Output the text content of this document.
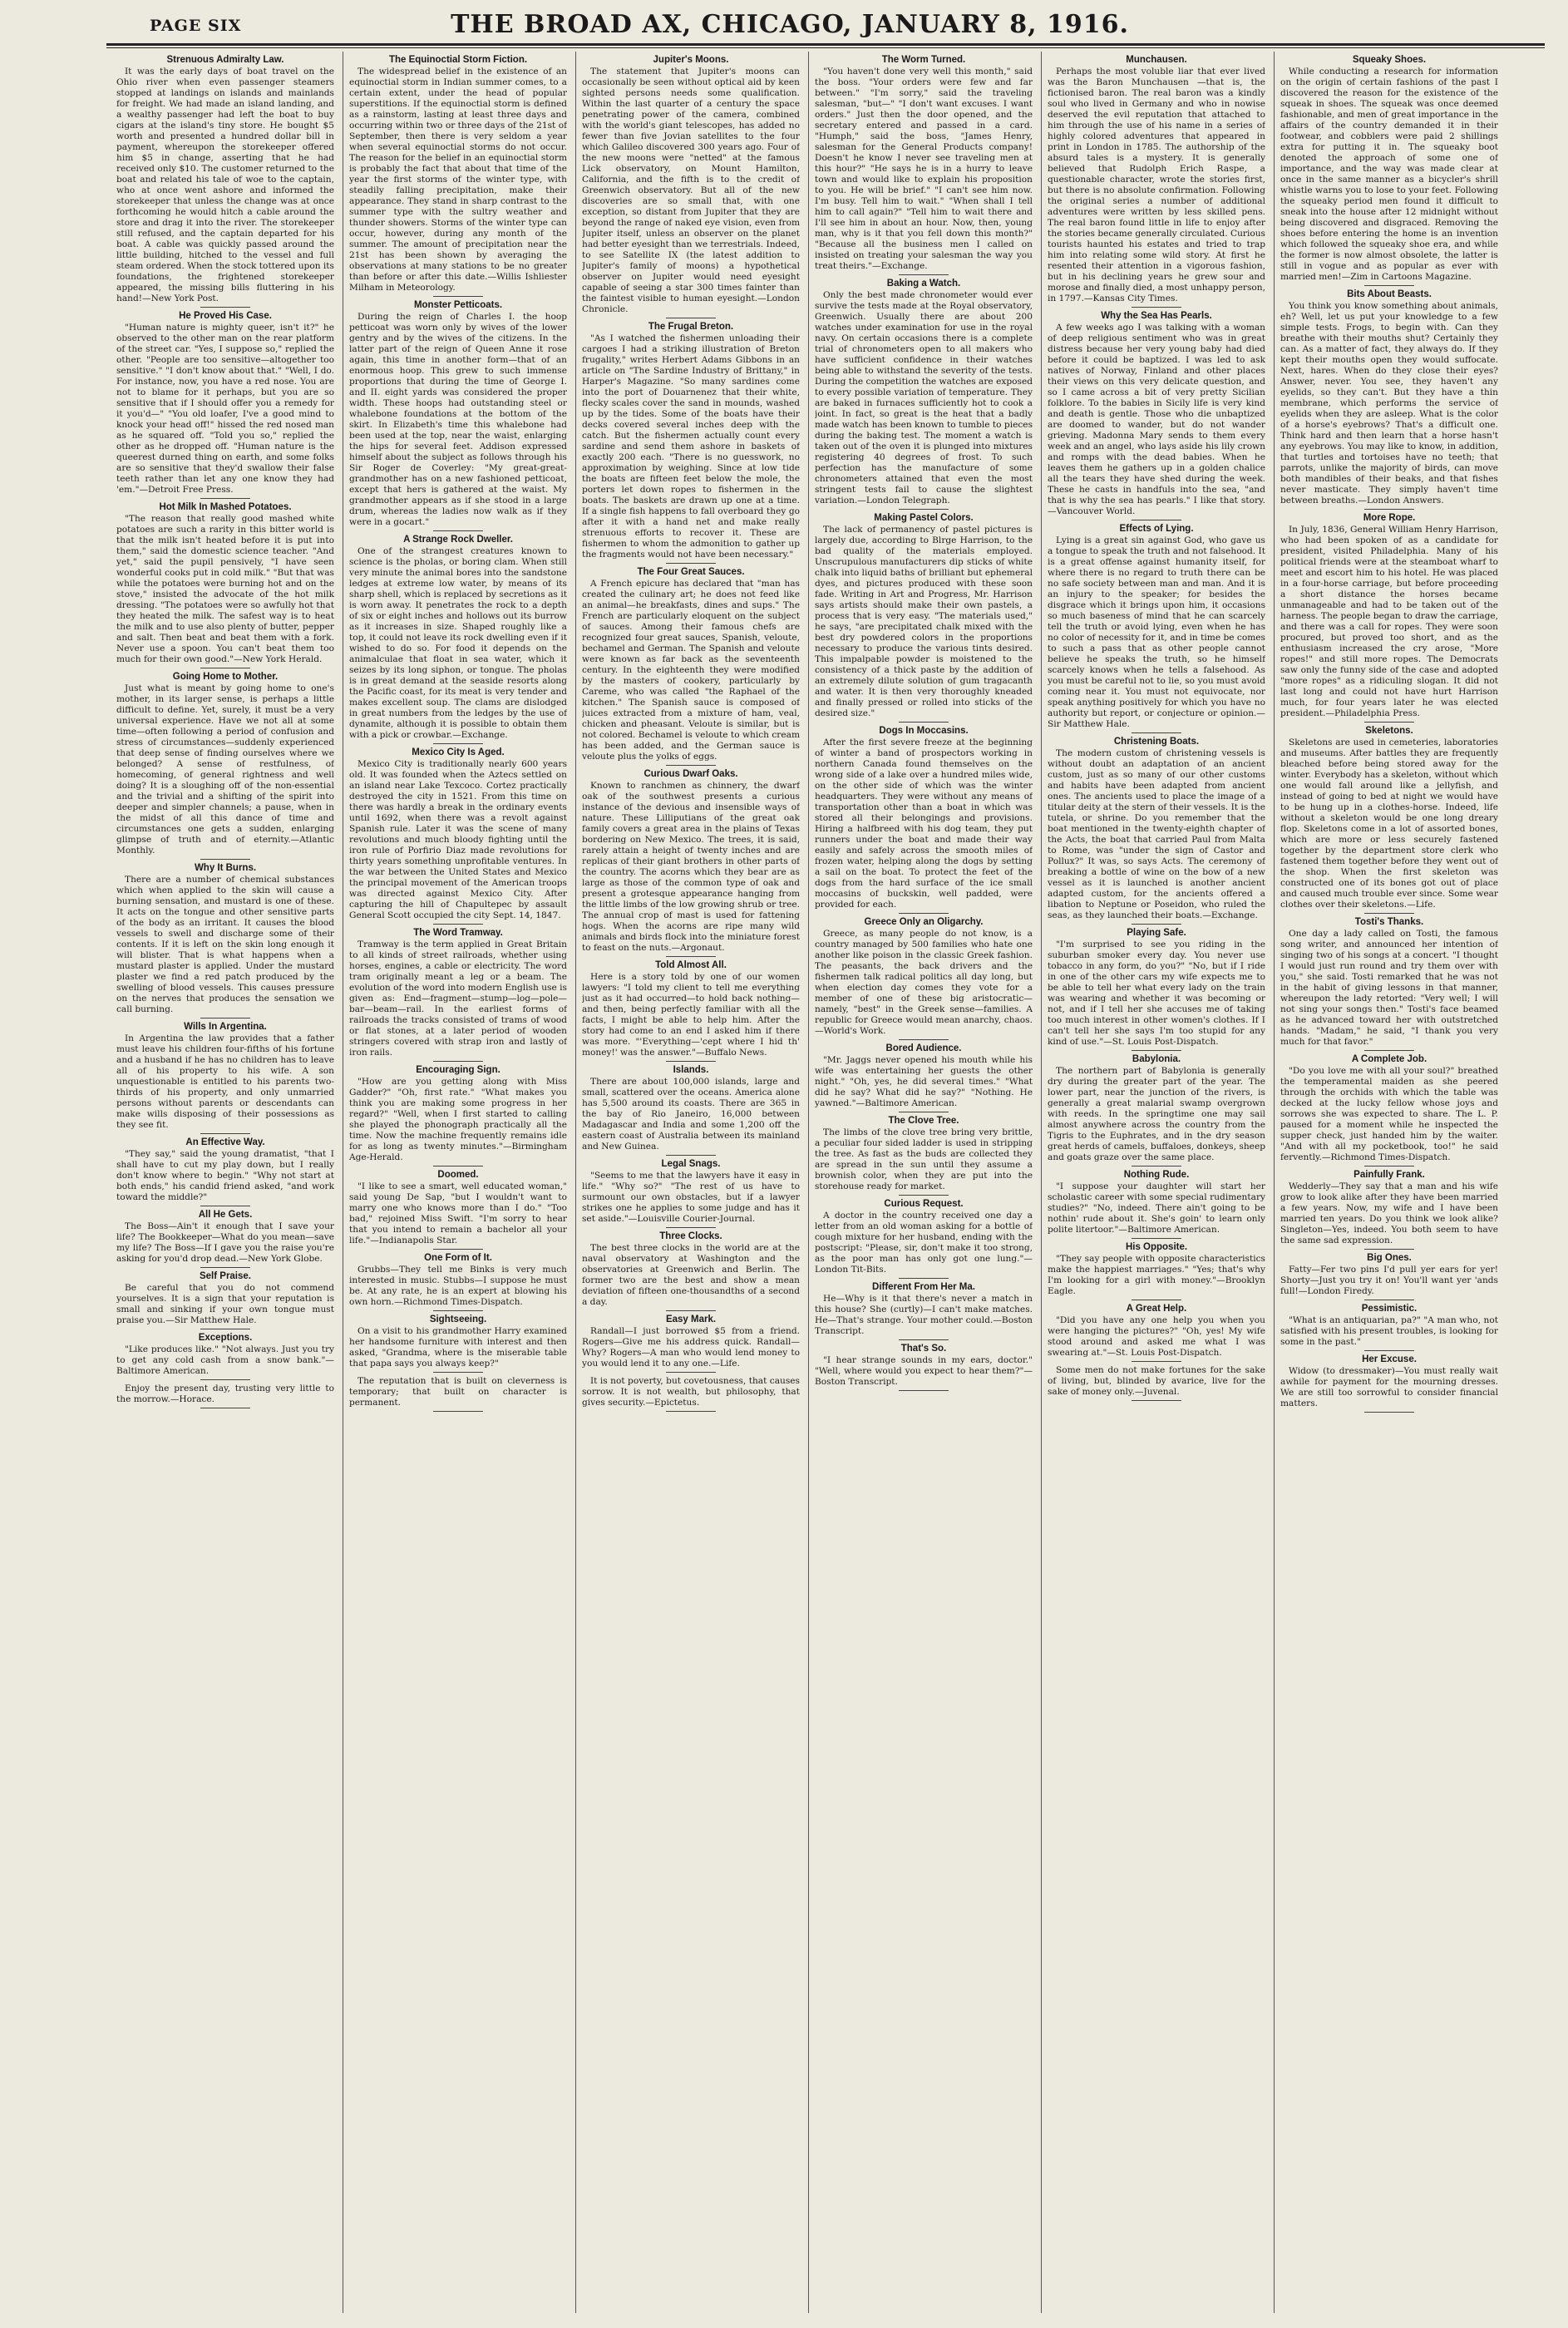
PAGE SIX	THE BROAD AX, CHICAGO, JANUARY 8, 1916.
Strenuous Admiralty Law.

It was the early days of boat travel on the Ohio river when even passenger steamers stopped at landings on islands and mainlands for freight. We had made an island landing, and a wealthy passenger had left the boat to buy cigars at the island's tiny store. He bought $5 worth and presented a hundred dollar bill in payment, whereupon the storekeeper offered him $5 in change, asserting that he had received only $10. The customer returned to the boat and related his tale of woe to the captain, who at once went ashore and informed the storekeeper that unless the change was at once forthcoming he would hitch a cable around the store and drag it into the river. The storekeeper still refused, and the captain departed for his boat. A cable was quickly passed around the little building, hitched to the vessel and full steam ordered. When the stock tottered upon its foundations, the frightened storekeeper appeared, the missing bills fluttering in his hand!—New York Post.

He Proved His Case.

"Human nature is mighty queer, isn't it?" he observed to the other man on the rear platform of the street car. "Yes, I suppose so," replied the other. "People are too sensitive—altogether too sensitive." "I don't know about that." "Well, I do. For instance, now, you have a red nose. You are not to blame for it perhaps, but you are so sensitive that if I should offer you a remedy for it you'd—" "You old loafer, I've a good mind to knock your head off!" hissed the red nosed man as he squared off. "Told you so," replied the other as he dropped off. "Human nature is the queerest durned thing on earth, and some folks are so sensitive that they'd swallow their false teeth rather than let any one know they had 'em."—Detroit Free Press.

Hot Milk In Mashed Potatoes.

"The reason that really good mashed white potatoes are such a rarity in this bitter world is that the milk isn't heated before it is put into them," said the domestic science teacher. "And yet," said the pupil pensively, "I have seen wonderful cooks put in cold milk." "But that was while the potatoes were burning hot and on the stove," insisted the advocate of the hot milk dressing. "The potatoes were so awfully hot that they heated the milk. The safest way is to heat the milk and to use also plenty of butter, pepper and salt. Then beat and beat them with a fork. Never use a spoon. You can't beat them too much for their own good."—New York Herald.

Going Home to Mother.

Just what is meant by going home to one's mother, in its larger sense, is perhaps a little difficult to define. Yet, surely, it must be a very universal experience. Have we not all at some time—often following a period of confusion and stress of circumstances—suddenly experienced that deep sense of finding ourselves where we belonged? A sense of restfulness, of homecoming, of general rightness and well doing? It is a sloughing off of the non-essential and the trivial and a shifting of the spirit into deeper and simpler channels; a pause, when in the midst of all this dance of time and circumstances one gets a sudden, enlarging glimpse of truth and of eternity.—Atlantic Monthly.

Why It Burns.

There are a number of chemical substances which when applied to the skin will cause a burning sensation, and mustard is one of these. It acts on the tongue and other sensitive parts of the body as an irritant. It causes the blood vessels to swell and discharge some of their contents. If it is left on the skin long enough it will blister. That is what happens when a mustard plaster is applied. Under the mustard plaster we find a red patch produced by the swelling of blood vessels. This causes pressure on the nerves that produces the sensation we call burning.

Wills In Argentina.

In Argentina the law provides that a father must leave his children four-fifths of his fortune and a husband if he has no children has to leave all of his property to his wife. A son unquestionable is entitled to his parents two-thirds of his property, and only unmarried persons without parents or descendants can make wills disposing of their possessions as they see fit.

An Effective Way.

"They say," said the young dramatist, "that I shall have to cut my play down, but I really don't know where to begin." "Why not start at both ends," his candid friend asked, "and work toward the middle?"

All He Gets.

The Boss—Ain't it enough that I save your life? The Bookkeeper—What do you mean—save my life? The Boss—If I gave you the raise you're asking for you'd drop dead.—New York Globe.

Self Praise.

Be careful that you do not commend yourselves. It is a sign that your reputation is small and sinking if your own tongue must praise you.—Sir Matthew Hale.

Exceptions.

"Like produces like." "Not always. Just you try to get any cold cash from a snow bank."—Baltimore American.

Enjoy the present day, trusting very little to the morrow.—Horace.

The Equinoctial Storm Fiction.

The widespread belief in the existence of an equinoctial storm in Indian summer comes, to a certain extent, under the head of popular superstitions. If the equinoctial storm is defined as a rainstorm, lasting at least three days and occurring within two or three days of the 21st of September, then there is very seldom a year when several equinoctial storms do not occur. The reason for the belief in an equinoctial storm is probably the fact that about that time of the year the first storms of the winter type, with steadily falling precipitation, make their appearance. They stand in sharp contrast to the summer type with the sultry weather and thunder showers. Storms of the winter type can occur, however, during any month of the summer. The amount of precipitation near the 21st has been shown by averaging the observations at many stations to be no greater than before or after this date.—Willis Ishliester Milham in Meteorology.

Monster Petticoats.

During the reign of Charles I. the hoop petticoat was worn only by wives of the lower gentry and by the wives of the citizens. In the latter part of the reign of Queen Anne it rose again, this time in another form—that of an enormous hoop. This grew to such immense proportions that during the time of George I. and II. eight yards was considered the proper width. These hoops had outstanding steel or whalebone foundations at the bottom of the skirt. In Elizabeth's time this whalebone had been used at the top, near the waist, enlarging the hips for several feet. Addison expressed himself about the subject as follows through his Sir Roger de Coverley: "My great-great-grandmother has on a new fashioned petticoat, except that hers is gathered at the waist. My grandmother appears as if she stood in a large drum, whereas the ladies now walk as if they were in a gocart."

A Strange Rock Dweller.

One of the strangest creatures known to science is the pholas, or boring clam. When still very minute the animal bores into the sandstone ledges at extreme low water, by means of its sharp shell, which is replaced by secretions as it is worn away. It penetrates the rock to a depth of six or eight inches and hollows out its burrow as it increases in size. Shaped roughly like a top, it could not leave its rock dwelling even if it wished to do so. For food it depends on the animalculae that float in sea water, which it seizes by its long siphon, or tongue. The pholas is in great demand at the seaside resorts along the Pacific coast, for its meat is very tender and makes excellent soup. The clams are dislodged in great numbers from the ledges by the use of dynamite, although it is possible to obtain them with a pick or crowbar.—Exchange.

Mexico City Is Aged.

Mexico City is traditionally nearly 600 years old. It was founded when the Aztecs settled on an island near Lake Texcoco. Cortez practically destroyed the city in 1521. From this time on there was hardly a break in the ordinary events until 1692, when there was a revolt against Spanish rule. Later it was the scene of many revolutions and much bloody fighting until the iron rule of Porfirio Diaz made revolutions for thirty years something unprofitable ventures. In the war between the United States and Mexico the principal movement of the American troops was directed against Mexico City. After capturing the hill of Chapultepec by assault General Scott occupied the city Sept. 14, 1847.

The Word Tramway.

Tramway is the term applied in Great Britain to all kinds of street railroads, whether using horses, engines, a cable or electricity. The word tram originally meant a leg or a beam. The evolution of the word into modern English use is given as: End—fragment—stump—log—pole—bar—beam—rail. In the earliest forms of railroads the tracks consisted of trams of wood or flat stones, at a later period of wooden stringers covered with strap iron and lastly of iron rails.

Encouraging Sign.

"How are you getting along with Miss Gadder?" "Oh, first rate." "What makes you think you are making some progress in her regard?" "Well, when I first started to calling she played the phonograph practically all the time. Now the machine frequently remains idle for as long as twenty minutes."—Birmingham Age-Herald.

Doomed.

"I like to see a smart, well educated woman," said young De Sap, "but I wouldn't want to marry one who knows more than I do." "Too bad," rejoined Miss Swift. "I'm sorry to hear that you intend to remain a bachelor all your life."—Indianapolis Star.

One Form of It.

Grubbs—They tell me Binks is very much interested in music. Stubbs—I suppose he must be. At any rate, he is an expert at blowing his own horn.—Richmond Times-Dispatch.

Sightseeing.

On a visit to his grandmother Harry examined her handsome furniture with interest and then asked, "Grandma, where is the miserable table that papa says you always keep?"

The reputation that is built on cleverness is temporary; that built on character is permanent.

Jupiter's Moons.

The statement that Jupiter's moons can occasionally be seen without optical aid by keen sighted persons needs some qualification. Within the last quarter of a century the space penetrating power of the camera, combined with the world's giant telescopes, has added no fewer than five Jovian satellites to the four which Galileo discovered 300 years ago. Four of the new moons were "netted" at the famous Lick observatory, on Mount Hamilton, California, and the fifth is to the credit of Greenwich observatory. But all of the new discoveries are so small that, with one exception, so distant from Jupiter that they are beyond the range of naked eye vision, even from Jupiter itself, unless an observer on the planet had better eyesight than we terrestrials. Indeed, to see Satellite IX (the latest addition to Jupiter's family of moons) a hypothetical observer on Jupiter would need eyesight capable of seeing a star 300 times fainter than the faintest visible to human eyesight.—London Chronicle.

The Frugal Breton.

"As I watched the fishermen unloading their cargoes I had a striking illustration of Breton frugality," writes Herbert Adams Gibbons in an article on "The Sardine Industry of Brittany," in Harper's Magazine. "So many sardines come into the port of Douarnenez that their white, flecky scales cover the sand in mounds, washed up by the tides. Some of the boats have their decks covered several inches deep with the catch. But the fishermen actually count every sardine and send them ashore in baskets of exactly 200 each. "There is no guesswork, no approximation by weighing. Since at low tide the boats are fifteen feet below the mole, the porters let down ropes to fishermen in the boats. The baskets are drawn up one at a time. If a single fish happens to fall overboard they go after it with a hand net and make really strenuous efforts to recover it. These are fishermen to whom the admonition to gather up the fragments would not have been necessary."

The Four Great Sauces.

A French epicure has declared that "man has created the culinary art; he does not feed like an animal—he breakfasts, dines and sups." The French are particularly eloquent on the subject of sauces. Among their famous chefs are recognized four great sauces, Spanish, veloute, bechamel and German. The Spanish and veloute were known as far back as the seventeenth century. In the eighteenth they were modified by the masters of cookery, particularly by Careme, who was called "the Raphael of the kitchen." The Spanish sauce is composed of juices extracted from a mixture of ham, veal, chicken and pheasant. Veloute is similar, but is not colored. Bechamel is veloute to which cream has been added, and the German sauce is veloute plus the yolks of eggs.

Curious Dwarf Oaks.

Known to ranchmen as chinnery, the dwarf oak of the southwest presents a curious instance of the devious and insensible ways of nature. These Lilliputians of the great oak family covers a great area in the plains of Texas bordering on New Mexico. The trees, it is said, rarely attain a height of twenty inches and are replicas of their giant brothers in other parts of the country. The acorns which they bear are as large as those of the common type of oak and present a grotesque appearance hanging from the little limbs of the low growing shrub or tree. The annual crop of mast is used for fattening hogs. When the acorns are ripe many wild animals and birds flock into the miniature forest to feast on the nuts.—Argonaut.

Told Almost All.

Here is a story told by one of our women lawyers: "I told my client to tell me everything just as it had occurred—to hold back nothing—and then, being perfectly familiar with all the facts, I might be able to help him. After the story had come to an end I asked him if there was more. "'Everything—'cept where I hid th' money!' was the answer."—Buffalo News.

Islands.

There are about 100,000 islands, large and small, scattered over the oceans. America alone has 5,500 around its coasts. There are 365 in the bay of Rio Janeiro, 16,000 between Madagascar and India and some 1,200 off the eastern coast of Australia between its mainland and New Guinea.

Legal Snags.

"Seems to me that the lawyers have it easy in life." "Why so?" "The rest of us have to surmount our own obstacles, but if a lawyer strikes one he applies to some judge and has it set aside."—Louisville Courier-Journal.

Three Clocks.

The best three clocks in the world are at the naval observatory at Washington and the observatories at Greenwich and Berlin. The former two are the best and show a mean deviation of fifteen one-thousandths of a second a day.

Easy Mark.

Randall—I just borrowed $5 from a friend. Rogers—Give me his address quick. Randall—Why? Rogers—A man who would lend money to you would lend it to any one.—Life.

It is not poverty, but covetousness, that causes sorrow. It is not wealth, but philosophy, that gives security.—Epictetus.

The Worm Turned.

"You haven't done very well this month," said the boss. "Your orders were few and far between." "I'm sorry," said the traveling salesman, "but—" "I don't want excuses. I want orders." Just then the door opened, and the secretary entered and passed in a card. "Humph," said the boss, "James Henry, salesman for the General Products company! Doesn't he know I never see traveling men at this hour?" "He says he is in a hurry to leave town and would like to explain his proposition to you. He will be brief." "I can't see him now. I'm busy. Tell him to wait." "When shall I tell him to call again?" "Tell him to wait there and I'll see him in about an hour. Now, then, young man, why is it that you fell down this month?" "Because all the business men I called on insisted on treating your salesman the way you treat theirs."—Exchange.

Baking a Watch.

Only the best made chronometer would ever survive the tests made at the Royal observatory, Greenwich. Usually there are about 200 watches under examination for use in the royal navy. On certain occasions there is a complete trial of chronometers open to all makers who have sufficient confidence in their watches being able to withstand the severity of the tests. During the competition the watches are exposed to every possible variation of temperature. They are baked in furnaces sufficiently hot to cook a joint. In fact, so great is the heat that a badly made watch has been known to tumble to pieces during the baking test. The moment a watch is taken out of the oven it is plunged into mixtures registering 40 degrees of frost. To such perfection has the manufacture of some chronometers attained that even the most stringent tests fail to cause the slightest variation.—London Telegraph.

Making Pastel Colors.

The lack of permanency of pastel pictures is largely due, according to Blrge Harrison, to the bad quality of the materials employed. Unscrupulous manufacturers dip sticks of white chalk into liquid baths of brilliant but ephemeral dyes, and pictures produced with these soon fade. Writing in Art and Progress, Mr. Harrison says artists should make their own pastels, a process that is very easy. "The materials used," he says, "are precipitated chalk mixed with the best dry powdered colors in the proportions necessary to produce the various tints desired. This impalpable powder is moistened to the consistency of a thick paste by the addition of an extremely dilute solution of gum tragacanth and water. It is then very thoroughly kneaded and finally pressed or rolled into sticks of the desired size."

Dogs In Moccasins.

After the first severe freeze at the beginning of winter a band of prospectors working in northern Canada found themselves on the wrong side of a lake over a hundred miles wide, on the other side of which was the winter headquarters. They were without any means of transportation other than a boat in which was stored all their belongings and provisions. Hiring a halfbreed with his dog team, they put runners under the boat and made their way easily and safely across the smooth miles of frozen water, helping along the dogs by setting a sail on the boat. To protect the feet of the dogs from the hard surface of the ice small moccasins of buckskin, well padded, were provided for each.

Greece Only an Oligarchy.

Greece, as many people do not know, is a country managed by 500 families who hate one another like poison in the classic Greek fashion. The peasants, the back drivers and the fishermen talk radical politics all day long, but when election day comes they vote for a member of one of these big aristocratic—namely, "best" in the Greek sense—families. A republic for Greece would mean anarchy, chaos.—World's Work.

Bored Audience.

"Mr. Jaggs never opened his mouth while his wife was entertaining her guests the other night." "Oh, yes, he did several times." "What did he say? What did he say?" "Nothing. He yawned."—Baltimore American.

The Clove Tree.

The limbs of the clove tree bring very brittle, a peculiar four sided ladder is used in stripping the tree. As fast as the buds are collected they are spread in the sun until they assume a brownish color, when they are put into the storehouse ready for market.

Curious Request.

A doctor in the country received one day a letter from an old woman asking for a bottle of cough mixture for her husband, ending with the postscript: "Please, sir, don't make it too strong, as the poor man has only got one lung."—London Tit-Bits.

Different From Her Ma.

He—Why is it that there's never a match in this house? She (curtly)—I can't make matches. He—That's strange. Your mother could.—Boston Transcript.

That's So.

"I hear strange sounds in my ears, doctor." "Well, where would you expect to hear them?"—Boston Transcript.

Munchausen.

Perhaps the most voluble liar that ever lived was the Baron Munchausen —that is, the fictionised baron. The real baron was a kindly soul who lived in Germany and who in nowise deserved the evil reputation that attached to him through the use of his name in a series of highly colored adventures that appeared in print in London in 1785. The authorship of the absurd tales is a mystery. It is generally believed that Rudolph Erich Raspe, a questionable character, wrote the stories first, but there is no absolute confirmation. Following the original series a number of additional adventures were written by less skilled pens. The real baron found little in life to enjoy after the stories became generally circulated. Curious tourists haunted his estates and tried to trap him into relating some wild story. At first he resented their attention in a vigorous fashion, but in his declining years he grew sour and morose and finally died, a most unhappy person, in 1797.—Kansas City Times.

Why the Sea Has Pearls.

A few weeks ago I was talking with a woman of deep religious sentiment who was in great distress because her very young baby had died before it could be baptized. I was led to ask natives of Norway, Finland and other places their views on this very delicate question, and so I came across a bit of very pretty Sicilian folklore. To the babies in Sicily life is very kind and death is gentle. Those who die unbaptized are doomed to wander, but do not wander grieving. Madonna Mary sends to them every week and an angel, who lays aside his lily crown and romps with the dead babies. When he leaves them he gathers up in a golden chalice all the tears they have shed during the week. These he casts in handfuls into the sea, "and that is why the sea has pearls." I like that story.—Vancouver World.

Effects of Lying.

Lying is a great sin against God, who gave us a tongue to speak the truth and not falsehood. It is a great offense against humanity itself, for where there is no regard to truth there can be no safe society between man and man. And it is an injury to the speaker; for besides the disgrace which it brings upon him, it occasions so much baseness of mind that he can scarcely tell the truth or avoid lying, even when he has no color of necessity for it, and in time be comes to such a pass that as other people cannot believe he speaks the truth, so he himself scarcely knows when he tells a falsehood. As you must be careful not to lie, so you must avoid coming near it. You must not equivocate, nor speak anything positively for which you have no authority but report, or conjecture or opinion.—Sir Matthew Hale.

Christening Boats.

The modern custom of christening vessels is without doubt an adaptation of an ancient custom, just as so many of our other customs and habits have been adapted from ancient ones. The ancients used to place the image of a titular deity at the stern of their vessels. It is the tutela, or shrine. Do you remember that the boat mentioned in the twenty-eighth chapter of the Acts, the boat that carried Paul from Malta to Rome, was "under the sign of Castor and Pollux?" It was, so says Acts. The ceremony of breaking a bottle of wine on the bow of a new vessel as it is launched is another ancient adapted custom, for the ancients offered a libation to Neptune or Poseidon, who ruled the seas, as they launched their boats.—Exchange.

Playing Safe.

"I'm surprised to see you riding in the suburban smoker every day. You never use tobacco in any form, do you?" "No, but if I ride in one of the other cars my wife expects me to be able to tell her what every lady on the train was wearing and whether it was becoming or not, and if I tell her she accuses me of taking too much interest in other women's clothes. If I can't tell her she says I'm too stupid for any kind of use."—St. Louis Post-Dispatch.

Babylonia.

The northern part of Babylonia is generally dry during the greater part of the year. The lower part, near the junction of the rivers, is generally a great malarial swamp overgrown with reeds. In the springtime one may sail almost anywhere across the country from the Tigris to the Euphrates, and in the dry season great herds of camels, buffaloes, donkeys, sheep and goats graze over the same place.

Nothing Rude.

"I suppose your daughter will start her scholastic career with some special rudimentary studies?" "No, indeed. There ain't going to be nothin' rude about it. She's goin' to learn only polite litertoor."—Baltimore American.

His Opposite.

"They say people with opposite characteristics make the happiest marriages." "Yes; that's why I'm looking for a girl with money."—Brooklyn Eagle.

A Great Help.

"Did you have any one help you when you were hanging the pictures?" "Oh, yes! My wife stood around and asked me what I was swearing at."—St. Louis Post-Dispatch.

Some men do not make fortunes for the sake of living, but, blinded by avarice, live for the sake of money only.—Juvenal.

Squeaky Shoes.

While conducting a research for information on the origin of certain fashions of the past I discovered the reason for the existence of the squeak in shoes. The squeak was once deemed fashionable, and men of great importance in the affairs of the country demanded it in their footwear, and cobblers were paid 2 shillings extra for putting it in. The squeaky boot denoted the approach of some one of importance, and the way was made clear at once in the same manner as a bicycler's shrill whistle warns you to lose to your feet. Following the squeaky period men found it difficult to sneak into the house after 12 midnight without being discovered and disgraced. Removing the shoes before entering the home is an invention which followed the squeaky shoe era, and while the former is now almost obsolete, the latter is still in vogue and as popular as ever with married men!—Zim in Cartoons Magazine.

Bits About Beasts.

You think you know something about animals, eh? Well, let us put your knowledge to a few simple tests. Frogs, to begin with. Can they breathe with their mouths shut? Certainly they can. As a matter of fact, they always do. If they kept their mouths open they would suffocate. Next, hares. When do they close their eyes? Answer, never. You see, they haven't any eyelids, so they can't. But they have a thin membrane, which performs the service of eyelids when they are asleep. What is the color of a horse's eyebrows? That's a difficult one. Think hard and then learn that a horse hasn't any eyebrows. You may like to know, in addition, that turtles and tortoises have no teeth; that parrots, unlike the majority of birds, can move both mandibles of their beaks, and that fishes never masticate. They simply haven't time between breaths.—London Answers.

More Rope.

In July, 1836, General William Henry Harrison, who had been spoken of as a candidate for president, visited Philadelphia. Many of his political friends were at the steamboat wharf to meet and escort him to his hotel. He was placed in a four-horse carriage, but before proceeding a short distance the horses became unmanageable and had to be taken out of the harness. The people began to draw the carriage, and there was a call for ropes. They were soon procured, but proved too short, and as the enthusiasm increased the cry arose, "More ropes!" and still more ropes. The Democrats saw only the funny side of the case and adopted "more ropes" as a ridiculing slogan. It did not last long and could not have hurt Harrison much, for four years later he was elected president.—Philadelphia Press.

Skeletons.

Skeletons are used in cemeteries, laboratories and museums. After battles they are frequently bleached before being stored away for the winter. Everybody has a skeleton, without which one would fall around like a jellyfish, and instead of going to bed at night we would have to be hung up in a clothes-horse. Indeed, life without a skeleton would be one long dreary flop. Skeletons come in a lot of assorted bones, which are more or less securely fastened together by the department store clerk who fastened them together before they went out of the shop. When the first skeleton was constructed one of its bones got out of place and caused much trouble ever since. Some wear clothes over their skeletons.—Life.

Tosti's Thanks.

One day a lady called on Tosti, the famous song writer, and announced her intention of singing two of his songs at a concert. "I thought I would just run round and try them over with you," she said. Tosti remarked that he was not in the habit of giving lessons in that manner, whereupon the lady retorted: "Very well; I will not sing your songs then." Tosti's face beamed as he advanced toward her with outstretched hands. "Madam," he said, "I thank you very much for that favor."

A Complete Job.

"Do you love me with all your soul?" breathed the temperamental maiden as she peered through the orchids with which the table was decked at the lucky fellow whose joys and sorrows she was expected to share. The L. P. paused for a moment while he inspected the supper check, just handed him by the waiter. "And with all my pocketbook, too!" he said fervently.—Richmond Times-Dispatch.

Painfully Frank.

Wedderly—They say that a man and his wife grow to look alike after they have been married a few years. Now, my wife and I have been married ten years. Do you think we look alike? Singleton—Yes, indeed. You both seem to have the same sad expression.

Big Ones.

Fatty—Fer two pins I'd pull yer ears for yer! Shorty—Just you try it on! You'll want yer 'ands full!—London Firedy.

Pessimistic.

"What is an antiquarian, pa?" "A man who, not satisfied with his present troubles, is looking for some in the past."

Her Excuse.

Widow (to dressmaker)—You must really wait awhile for payment for the mourning dresses. We are still too sorrowful to consider financial matters.
